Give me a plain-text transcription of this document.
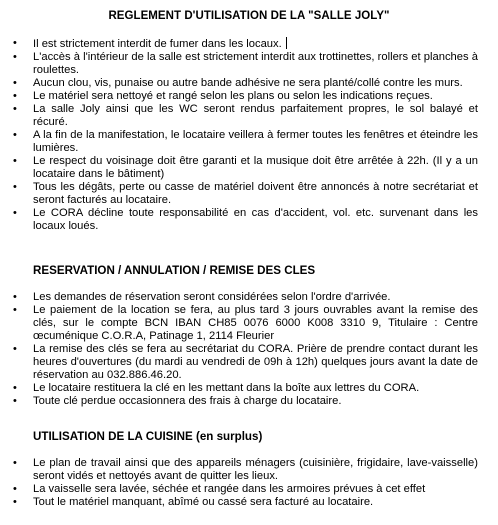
REGLEMENT D'UTILISATION DE LA "SALLE JOLY"
• Il est strictement interdit de fumer dans les locaux.
• L'accès à l'intérieur de la salle est strictement interdit aux trottinettes, rollers et planches à roulettes.
• Aucun clou, vis, punaise ou autre bande adhésive ne sera planté/collé contre les murs.
• Le matériel sera nettoyé et rangé selon les plans ou selon les indications reçues.
• La salle Joly ainsi que les WC seront rendus parfaitement propres, le sol balayé et récuré.
• A la fin de la manifestation, le locataire veillera à fermer toutes les fenêtres et éteindre les lumières.
• Le respect du voisinage doit être garanti et la musique doit être arrêtée à 22h. (Il y a un locataire dans le bâtiment)
• Tous les dégâts, perte ou casse de matériel doivent être annoncés à notre secrétariat et seront facturés au locataire.
• Le CORA décline toute responsabilité en cas d'accident, vol. etc. survenant dans les locaux loués.
RESERVATION / ANNULATION / REMISE DES CLES
• Les demandes de réservation seront considérées selon l'ordre d'arrivée.
• Le paiement de la location se fera, au plus tard 3 jours ouvrables avant la remise des clés, sur le compte BCN IBAN CH85 0076 6000 K008 3310 9, Titulaire : Centre œcuménique C.O.R.A, Patinage 1, 2114 Fleurier
• La remise des clés se fera au secrétariat du CORA. Prière de prendre contact durant les heures d'ouvertures (du mardi au vendredi de 09h à 12h) quelques jours avant la date de réservation au 032.886.46.20.
• Le locataire restituera la clé en les mettant dans la boîte aux lettres du CORA.
• Toute clé perdue occasionnera des frais à charge du locataire.
UTILISATION DE LA CUISINE (en surplus)
• Le plan de travail ainsi que des appareils ménagers (cuisinière, frigidaire, lave-vaisselle) seront vidés et nettoyés avant de quitter les lieux.
• La vaisselle sera lavée, séchée et rangée dans les armoires prévues à cet effet
• Tout le matériel manquant, abîmé ou cassé sera facturé au locataire.
